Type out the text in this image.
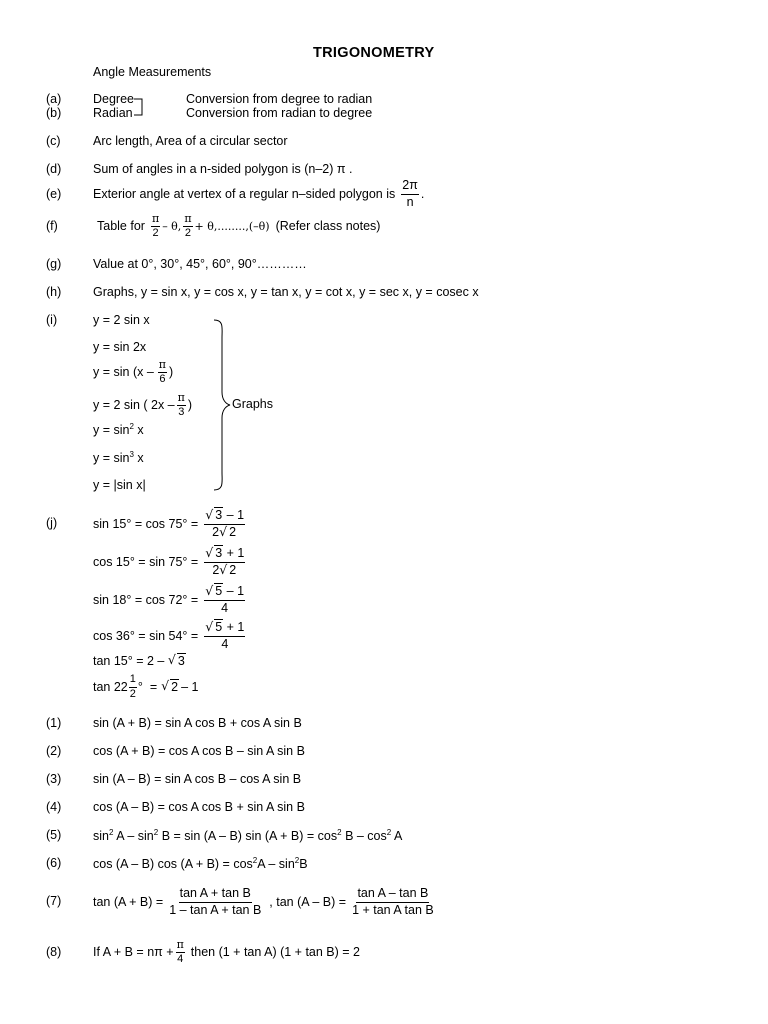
TRIGONOMETRY
Angle Measurements
(a)	Degree	Conversion from degree to radian
(b)	Radian	Conversion from radian to degree
(c)	Arc length, Area of a circular sector
(d)	Sum of angles in a n-sided polygon is (n–2) π .
(e)	Exterior angle at vertex of a regular n–sided polygon is $\frac{2\pi}{n}$ .
(f)	Table for $\frac{\pi}{2}$ – θ, $\frac{\pi}{2} + \theta,........,(-\theta)$ (Refer class notes)
(g)	Value at 0°, 30°, 45°, 60°, 90°…………
(h)	Graphs, y = sin x, y = cos x, y = tan x, y = cot x, y = sec x, y = cosec x
(i)	y = 2 sin x
y = sin 2x
$y = \sin (x - \frac{\pi}{6}$ )
y = 2 sin ( $2x - \frac{\pi}{3}$ )
$y = \sin^2 x$
$y = \sin^3 x$
y = |sin x|
Graphs
(j)	sin 15° = cos 75° = √ $\frac{3 - 1}{2 √ 2}$
cos 15° = sin 75° = √ $\frac{3 + 1}{2 √ 2}$
sin 18° = cos 72° = √ $\frac{5 - 1}{4}$
cos 36° = sin 54° = √ $\frac{5 + 1}{4}$
tan 15° = 2 – √ 3
$\tan 22 \frac{1}{2}$ °  =	√ 2 – 1
(1)	sin (A + B) = sin A cos B + cos A sin B
(2)	cos (A + B) = cos A cos B – sin A sin B
(3)	sin (A – B) = sin A cos B – cos A sin B
(4)	cos (A – B) = cos A cos B + sin A sin B
(5)	$\sin^2 A - \sin^2 B = \sin (A - B)$ $\sin (A + B) = \cos^2 B - \cos^2 A$
(6)	cos (A – B) $\cos (A + B) = \cos^2A - \sin^2B$
(7)	$\tan (A + B) = \frac{\text{tan A + tan B}}{\text{1 – tan A + tan B}}$ , $\tan (A - B) = \frac{\text{tan A – tan B}}{\text{1 + tan A tan B}}$
(8)	If $A + B = n\pi + \frac{\pi}{4}$ then (1 + tan A) (1 + tan B) = 2
